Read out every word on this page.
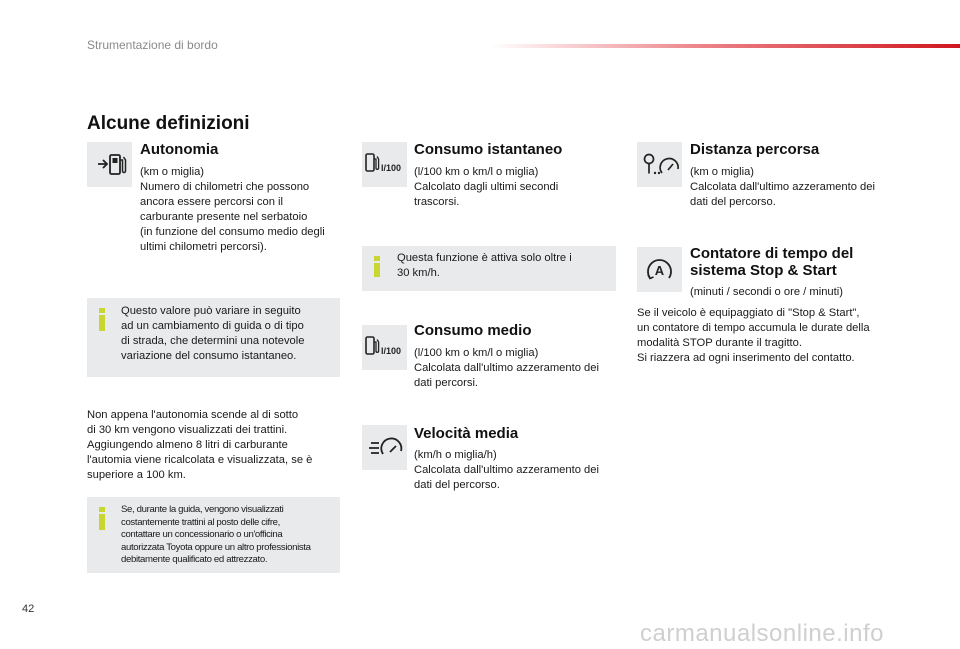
Strumentazione di bordo
Alcune definizioni
Autonomia
(km o miglia)
Numero di chilometri che possono
ancora essere percorsi con il
carburante presente nel serbatoio
(in funzione del consumo medio degli
ultimi chilometri percorsi).
Questo valore può variare in seguito
ad un cambiamento di guida o di tipo
di strada, che determini una notevole
variazione del consumo istantaneo.
Non appena l'autonomia scende al di sotto
di 30 km vengono visualizzati dei trattini.
Aggiungendo almeno 8 litri di carburante
l'automia viene ricalcolata e visualizzata, se è
superiore a 100 km.
Se, durante la guida, vengono visualizzati
costantemente trattini al posto delle cifre,
contattare un concessionario o un'officina
autorizzata Toyota oppure un altro professionista
debitamente qualificato ed attrezzato.
l/100
Consumo istantaneo
(l/100 km o km/l o miglia)
Calcolato dagli ultimi secondi
trascorsi.
Questa funzione è attiva solo oltre i
30 km/h.
l/100
Consumo medio
(l/100 km o km/l o miglia)
Calcolata dall'ultimo azzeramento dei
dati percorsi.
Velocità media
(km/h o miglia/h)
Calcolata dall'ultimo azzeramento dei
dati del percorso.
Distanza percorsa
(km o miglia)
Calcolata dall'ultimo azzeramento dei
dati del percorso.
A
Contatore di tempo del
sistema Stop & Start
(minuti / secondi o ore / minuti)
Se il veicolo è equipaggiato di "Stop & Start",
un contatore di tempo accumula le durate della
modalità STOP durante il tragitto.
Si riazzera ad ogni inserimento del contatto.
42
carmanualsonline.info
